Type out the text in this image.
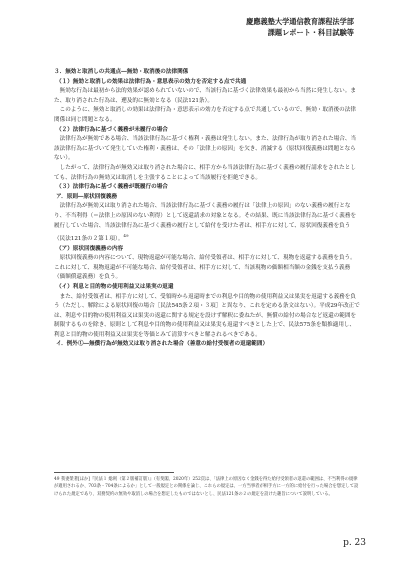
慶應義塾大学通信教育課程法学部
課題レポート・科目試験等
３．無効と取消しの共通点―無効・取消後の法律関係
（１）無効と取消しの効果は法律行為・意思表示の効力を否定する点で共通
無効な行為は最初から法的効果が認められていないので、当該行為に基づく法律効果も最初から当然に発生しない。また、取り消された行為は、遡及的に無効となる（民法121条）。
このように、無効と取消しの効果は法律行為・意思表示の効力を否定する点で共通しているので、無効・取消後の法律関係は同じ問題となる。
（２）法律行為に基づく義務が未履行の場合
法律行為が無効である場合、当該法律行為に基づく権利・義務は発生しない。また、法律行為が取り消された場合、当該法律行為に基づいて発生していた権利・義務は、その「法律上の原因」を欠き、消滅する（原状回復義務は問題とならない）。
したがって、法律行為が無効又は取り消された場合に、相手方から当該法律行為に基づく義務の履行請求をされたとしても、法律行為の無効又は取消しを主張することによって当該履行を拒絶できる。
（３）法律行為に基づく義務が既履行の場合
ア．原則―原状回復義務
法律行為が無効又は取り消された場合、当該法律行為に基づく義務の履行は「法律上の原因」のない義務の履行となり、不当利得（＝法律上の原因のない利得）として返還請求の対象となる。その結果、既に当該法律行為に基づく義務を履行していた場合、当該法律行為に基づく義務の履行として給付を受けた者は、相手方に対して、原状回復義務を負う（民法121条の２第１項）。$^{49}$
（ア）原状回復義務の内容
原状回復義務の内容について、現物返還が可能な場合、給付受領者は、相手方に対して、現物を返還する義務を負う。これに対して、現物返還が不可能な場合、給付受領者は、相手方に対して、当該現物の価額相当額の金銭を支払う義務（価額償還義務）を負う。
（イ）利息と目的物の使用利益又は果実の返還
また、給付受領者は、相手方に対して、受領時から返還時までの利息や目的物の使用利益又は果実を返還する義務を負う（ただし、解除による原状回復の場合［民法545条２項・３項］と異なり、これを定める条文はない）。平成29年改正では、利息や目的物の使用利益又は果実の返還に関する規定を設けず解釈に委ねたが、無償の給付の場合など返還の範囲を制限するものを除き、原則として利息や目的物の使用利益又は果実も返還すべきとした上で、民法575条を類推適用し、利息と目的物の使用利益又は果実を等価とみて清算すべきと解されるべきである。
イ．例外①―無償行為が無効又は取り消された場合（善意の給付受領者の返還範囲）
49 我妻榮著[ほか]『民法１ 総則（第２版補訂版）』（有斐閣、2020年）252頁は、「法律上の原因なく金銭を得た給付受領者の返還の範囲は、不当利得の規律が適用されるか、703条・704条によるか」として一般規定との関係を論じ、これらの規定は、一方当事者が相手方に一方的に給付を行った場合を想定して設けられた規定であり、双務契約の無効や取消しの場合を想定したものではないとし、民法121条の２の規定を設けた趣旨について説明している。
p. 23
